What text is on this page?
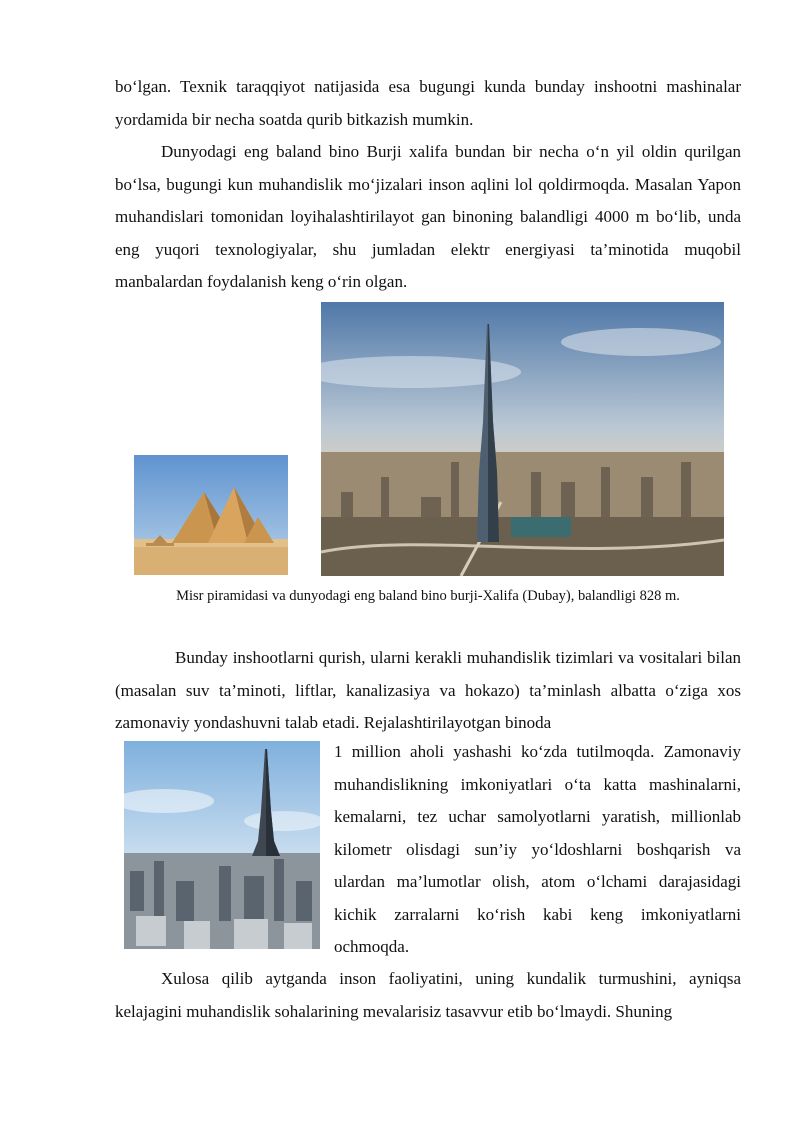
bo‘lgan. Texnik taraqqiyot natijasida esa bugungi kunda bunday inshootni mashinalar yordamida bir necha soatda qurib bitkazish mumkin.

Dunyodagi eng baland bino Burji xalifa bundan bir necha o‘n yil oldin qurilgan bo‘lsa, bugungi kun muhandislik mo‘jizalari inson aqlini lol qoldirmoqda. Masalan Yapon muhandislari tomonidan loyihalashtirilayot gan binoning balandligi 4000 m bo‘lib, unda eng yuqori texnologiyalar, shu jumladan elektr energiyasi ta’minotida muqobil manbalardan foydalanish keng o‘rin olgan.

Misr piramidasi va dunyodagi eng baland bino burji-Xalifa (Dubay), balandligi 828 m.

Bunday inshootlarni qurish, ularni kerakli muhandislik tizimlari va vositalari bilan (masalan suv ta’minoti, liftlar, kanalizasiya va hokazo) ta’minlash albatta o‘ziga xos zamonaviy yondashuvni talab etadi. Rejalashtirilayotgan binoda

1 million aholi yashashi ko‘zda tutilmoqda. Zamonaviy muhandislikning imkoniyatlari o‘ta katta mashinalarni, kemalarni, tez uchar samolyotlarni yaratish, millionlab kilometr olisdagi sun’iy yo‘ldoshlarni boshqarish va ulardan ma’lumotlar olish, atom o‘lchami darajasidagi kichik zarralarni ko‘rish kabi keng imkoniyatlarni ochmoqda.

Xulosa qilib aytganda inson faoliyatini, uning kundalik turmushini, ayniqsa kelajagini muhandislik sohalarining mevalarisiz tasavvur etib bo‘lmaydi. Shuning
